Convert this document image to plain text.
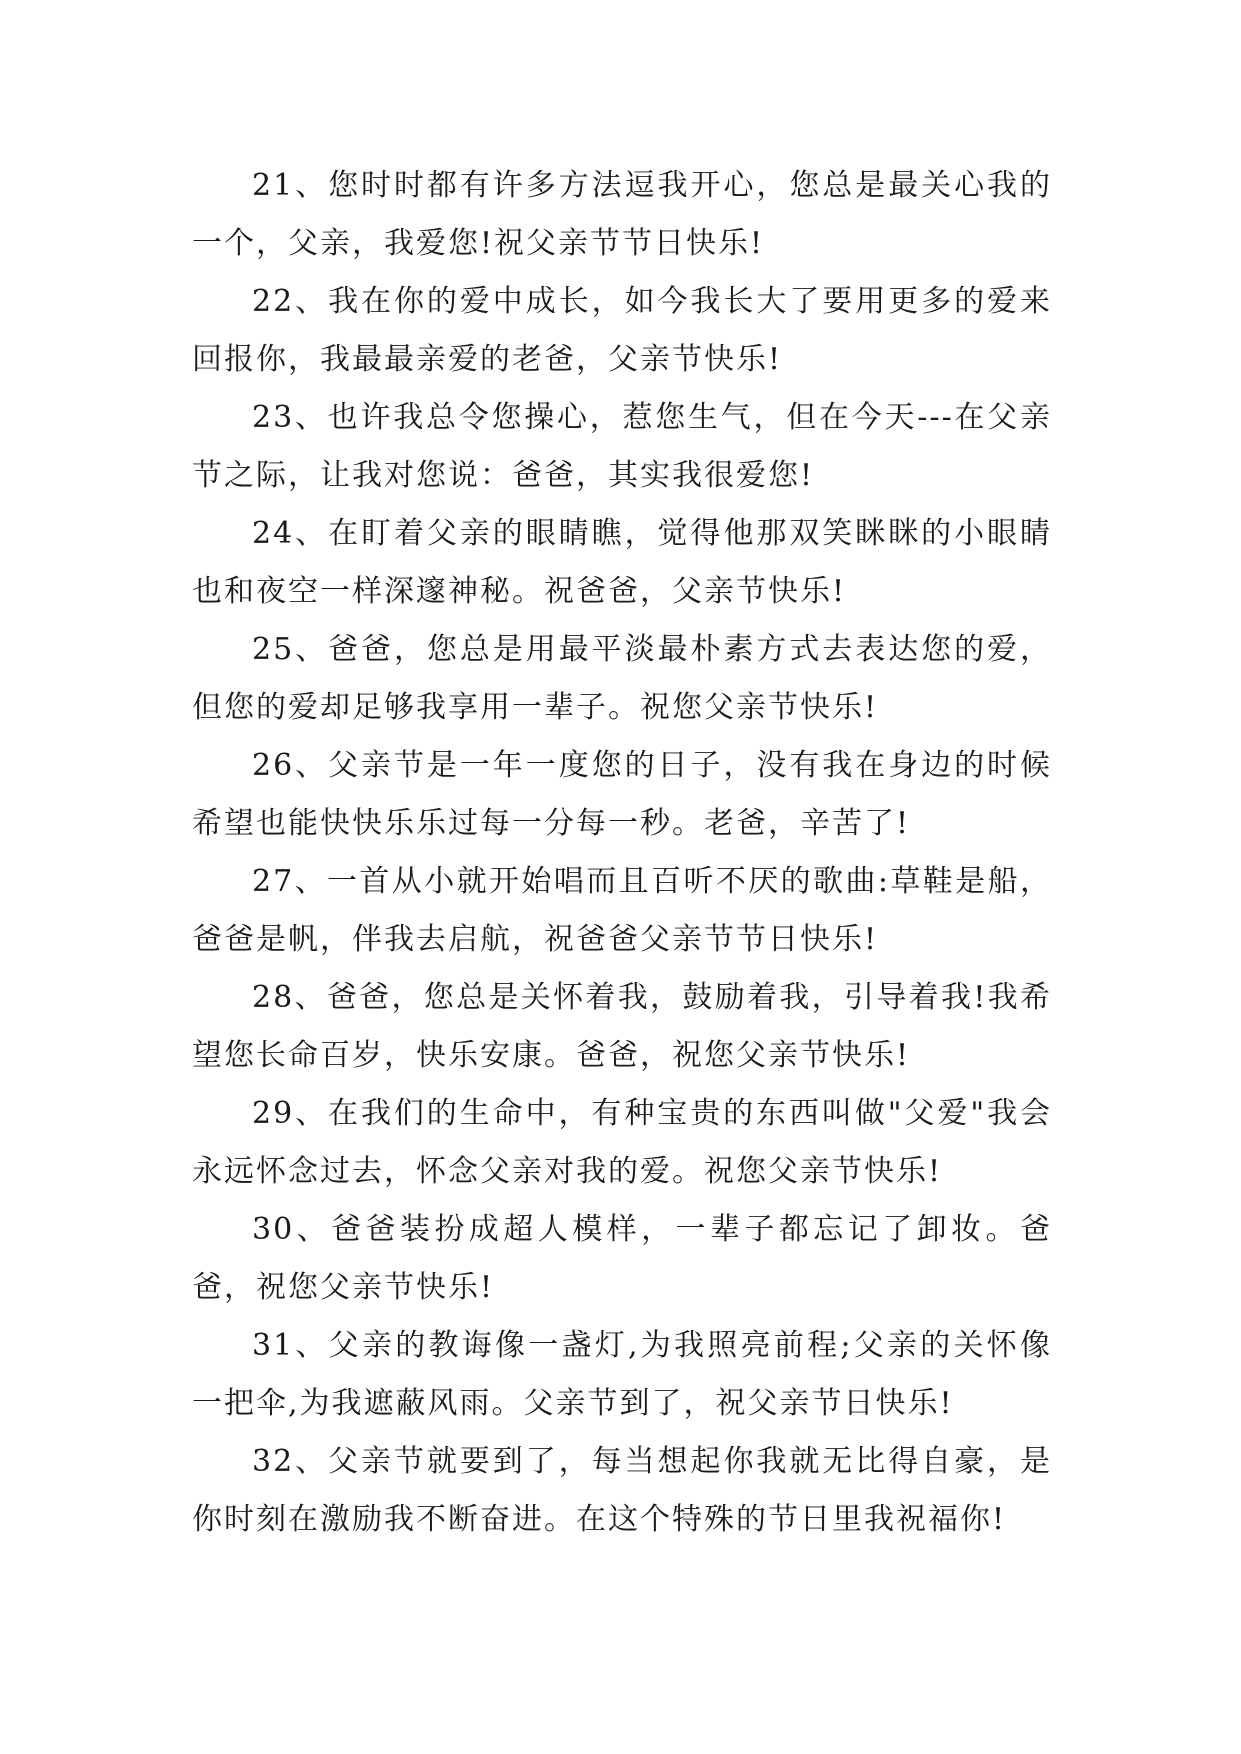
21、您时时都有许多方法逗我开心，您总是最关心我的一个，父亲，我爱您!祝父亲节节日快乐!

22、我在你的爱中成长，如今我长大了要用更多的爱来回报你，我最最亲爱的老爸，父亲节快乐!

23、也许我总令您操心，惹您生气，但在今天---在父亲节之际，让我对您说：爸爸，其实我很爱您!

24、在盯着父亲的眼睛瞧，觉得他那双笑眯眯的小眼睛也和夜空一样深邃神秘。祝爸爸，父亲节快乐!

25、爸爸，您总是用最平淡最朴素方式去表达您的爱，但您的爱却足够我享用一辈子。祝您父亲节快乐!

26、父亲节是一年一度您的日子，没有我在身边的时候希望也能快快乐乐过每一分每一秒。老爸，辛苦了!

27、一首从小就开始唱而且百听不厌的歌曲:草鞋是船，爸爸是帆，伴我去启航，祝爸爸父亲节节日快乐!

28、爸爸，您总是关怀着我，鼓励着我，引导着我!我希望您长命百岁，快乐安康。爸爸，祝您父亲节快乐!

29、在我们的生命中，有种宝贵的东西叫做"父爱"我会永远怀念过去，怀念父亲对我的爱。祝您父亲节快乐!

30、爸爸装扮成超人模样，一辈子都忘记了卸妆。爸爸，祝您父亲节快乐!

31、父亲的教诲像一盏灯,为我照亮前程;父亲的关怀像一把伞,为我遮蔽风雨。父亲节到了，祝父亲节日快乐!

32、父亲节就要到了，每当想起你我就无比得自豪，是你时刻在激励我不断奋进。在这个特殊的节日里我祝福你!
